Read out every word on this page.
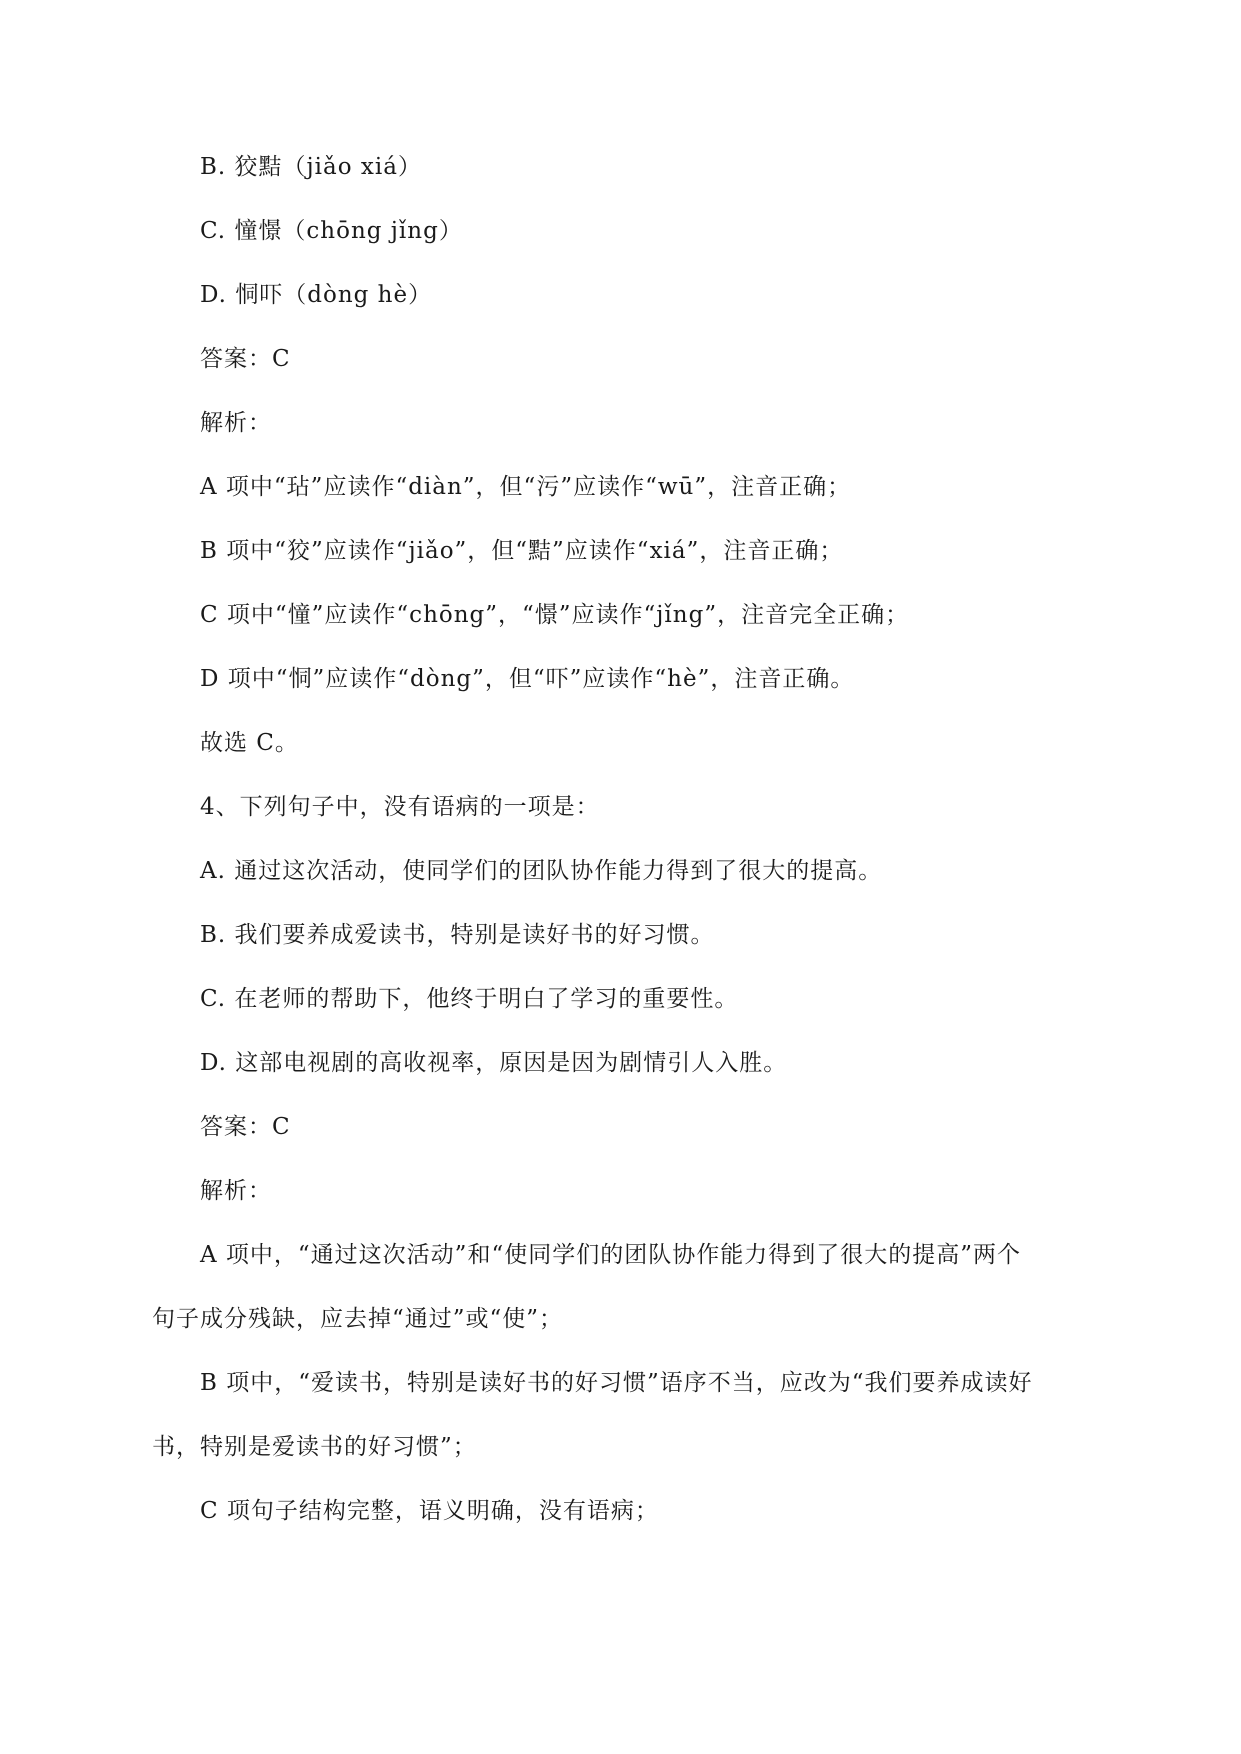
B. 狡黠（jiǎo xiá）
C. 憧憬（chōng jǐng）
D. 恫吓（dòng hè）
答案：C
解析：
A 项中“玷”应读作“diàn”，但“污”应读作“wū”，注音正确；
B 项中“狡”应读作“jiǎo”，但“黠”应读作“xiá”，注音正确；
C 项中“憧”应读作“chōng”，“憬”应读作“jǐng”，注音完全正确；
D 项中“恫”应读作“dòng”，但“吓”应读作“hè”，注音正确。
故选 C。
4、下列句子中，没有语病的一项是：
A. 通过这次活动，使同学们的团队协作能力得到了很大的提高。
B. 我们要养成爱读书，特别是读好书的好习惯。
C. 在老师的帮助下，他终于明白了学习的重要性。
D. 这部电视剧的高收视率，原因是因为剧情引人入胜。
答案：C
解析：
A 项中，“通过这次活动”和“使同学们的团队协作能力得到了很大的提高”两个
句子成分残缺，应去掉“通过”或“使”；
B 项中，“爱读书，特别是读好书的好习惯”语序不当，应改为“我们要养成读好
书，特别是爱读书的好习惯”；
C 项句子结构完整，语义明确，没有语病；
